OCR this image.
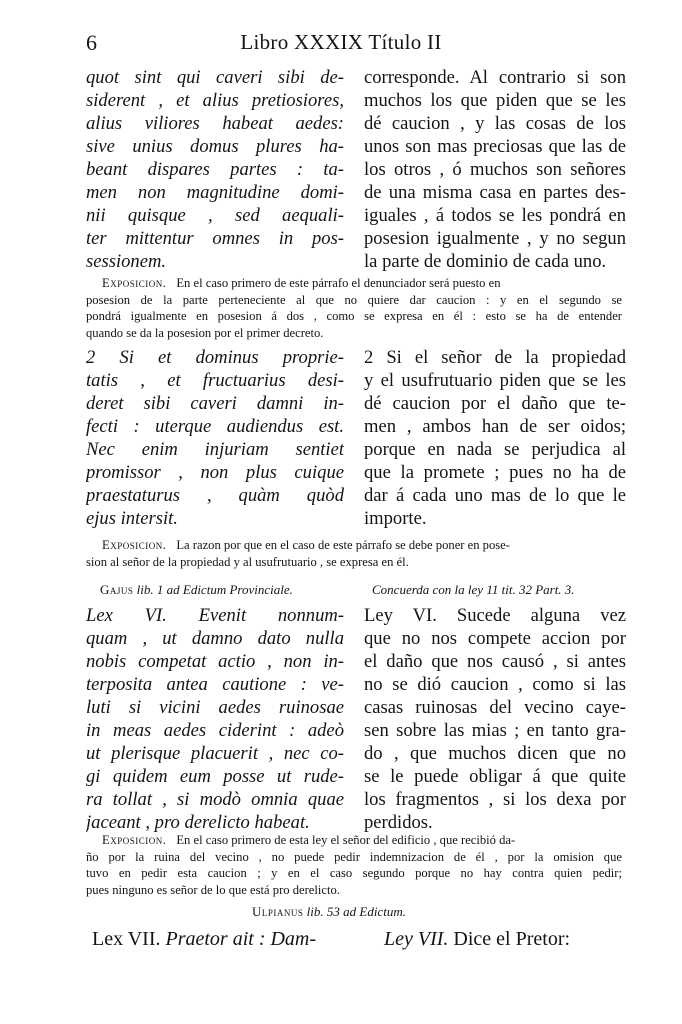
6	Libro XXXIX Título II
quot sint qui caveri sibi de-
siderent , et alius pretiosiores,
alius viliores habeat aedes:
sive unius domus plures ha-
beant dispares partes : ta-
men non magnitudine domi-
nii quisque , sed aequali-
ter mittentur omnes in pos-
sessionem.
corresponde. Al contrario si son
muchos los que piden que se les
dé caucion , y las cosas de los
unos son mas preciosas que las de
los otros , ó muchos son señores
de una misma casa en partes des-
iguales , á todos se les pondrá en
posesion igualmente , y no segun
la parte de dominio de cada uno.
Exposicion. En el caso primero de este párrafo el denunciador será puesto en
posesion de la parte perteneciente al que no quiere dar caucion : y en el segundo se
pondrá igualmente en posesion á dos , como se expresa en él : esto se ha de entender
quando se da la posesion por el primer decreto.
2 Si et dominus proprie-
tatis , et fructuarius desi-
deret sibi caveri damni in-
fecti : uterque audiendus est.
Nec enim injuriam sentiet
promissor , non plus cuique
praestaturus , quàm quòd
ejus intersit.
2 Si el señor de la propiedad
y el usufrutuario piden que se les
dé caucion por el daño que te-
men , ambos han de ser oidos;
porque en nada se perjudica al
que la promete ; pues no ha de
dar á cada uno mas de lo que le
importe.
Exposicion. La razon por que en el caso de este párrafo se debe poner en pose-
sion al señor de la propiedad y al usufrutuario , se expresa en él.
Gajus lib. 1 ad Edictum Provinciale.	Concuerda con la ley 11 tit. 32 Part. 3.
Lex VI. Evenit nonnum-
quam , ut damno dato nulla
nobis competat actio , non in-
terposita antea cautione : ve-
luti si vicini aedes ruinosae
in meas aedes ciderint : adeò
ut plerisque placuerit , nec co-
gi quidem eum posse ut rude-
ra tollat , si modò omnia quae
jaceant , pro derelicto habeat.
Ley VI. Sucede alguna vez
que no nos compete accion por
el daño que nos causó , si antes
no se dió caucion , como si las
casas ruinosas del vecino caye-
sen sobre las mias ; en tanto gra-
do , que muchos dicen que no
se le puede obligar á que quite
los fragmentos , si los dexa por
perdidos.
Exposicion. En el caso primero de esta ley el señor del edificio , que recibió da-
ño por la ruina del vecino , no puede pedir indemnizacion de él , por la omision que
tuvo en pedir esta caucion ; y en el caso segundo porque no hay contra quien pedir;
pues ninguno es señor de lo que está pro derelicto.
Ulpianus lib. 53 ad Edictum.
Lex VII. Praetor ait : Dam-	Ley VII. Dice el Pretor:
